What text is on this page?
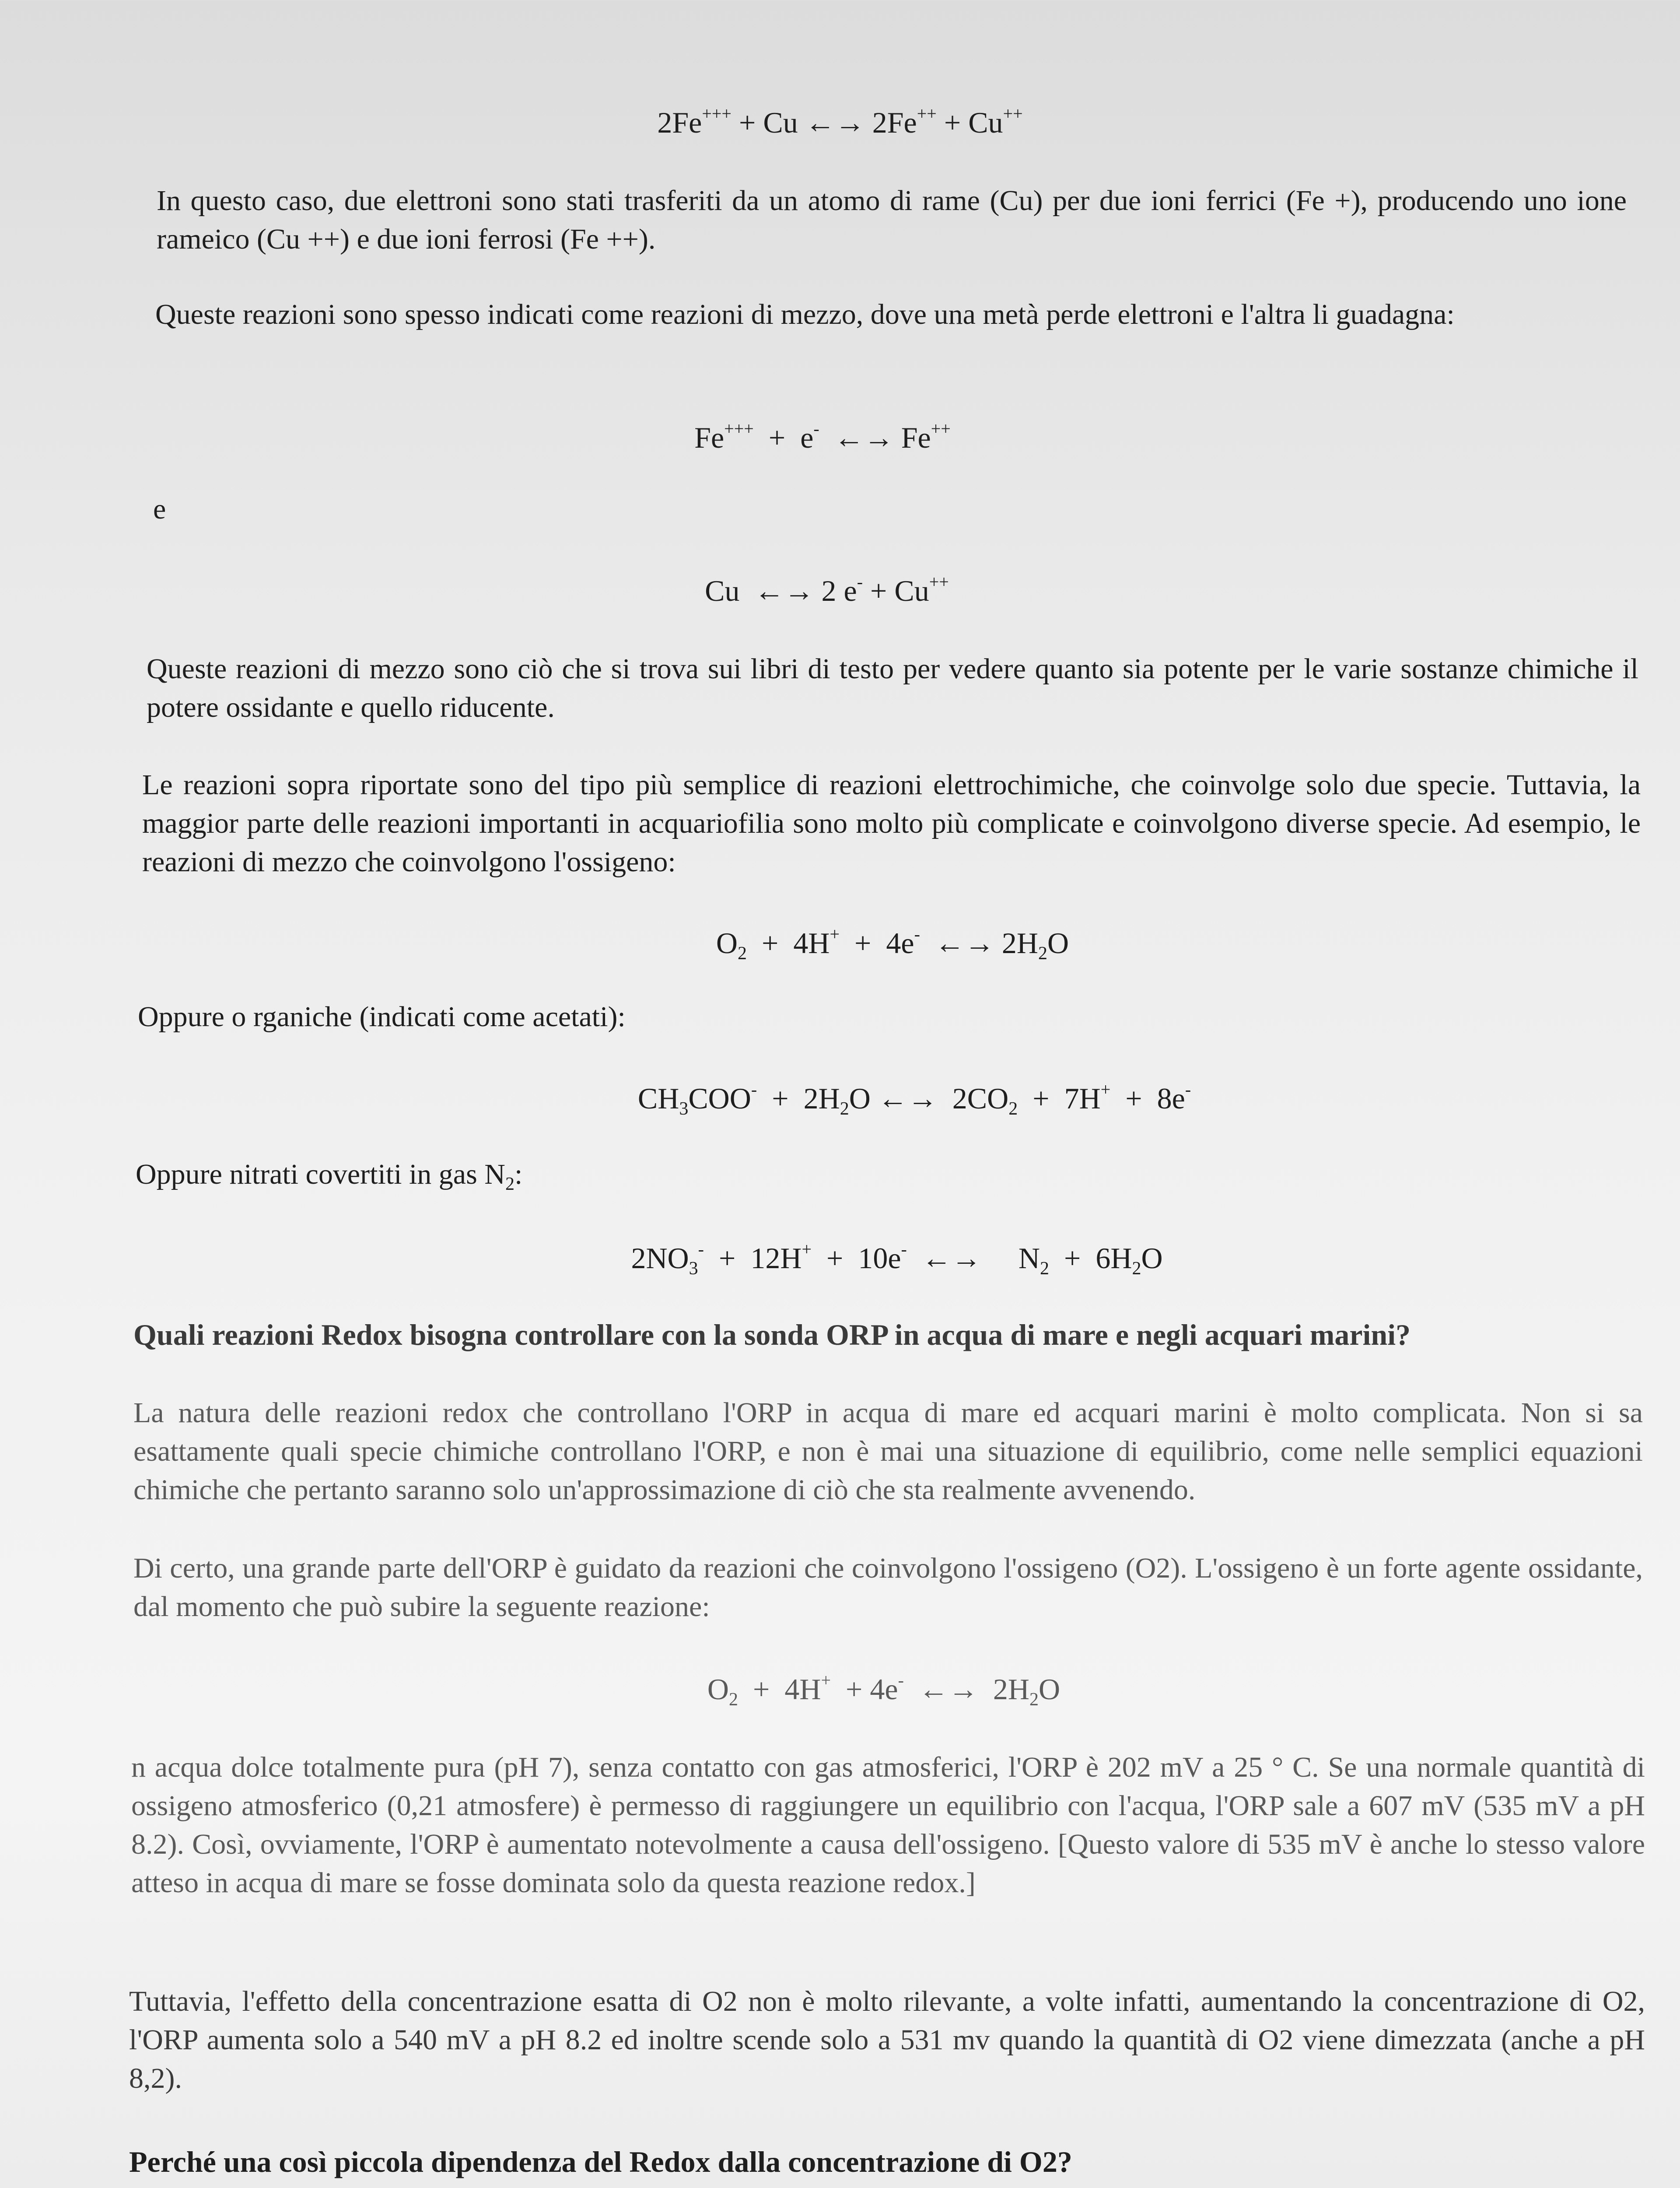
2Fe+++ + Cu ←→ 2Fe++ + Cu++

In questo caso, due elettroni sono stati trasferiti da un atomo di rame (Cu) per due ioni ferrici (Fe +), producendo uno ione rameico (Cu ++) e due ioni ferrosi (Fe ++).

Queste reazioni sono spesso indicati come reazioni di mezzo, dove una metà perde elettroni e l'altra li guadagna:

Fe+++  +  e-  ←→ Fe++

e

Cu  ←→ 2 e- + Cu++

Queste reazioni di mezzo sono ciò che si trova sui libri di testo per vedere quanto sia potente per le varie sostanze chimiche il potere ossidante e quello riducente.

Le reazioni sopra riportate sono del tipo più semplice di reazioni elettrochimiche, che coinvolge solo due specie. Tuttavia, la maggior parte delle reazioni importanti in acquariofilia sono molto più complicate e coinvolgono diverse specie. Ad esempio, le reazioni di mezzo che coinvolgono l'ossigeno:

$O_2 + 4H^+ + 4e^-$  ←→ $2H_2O$

Oppure o rganiche (indicati come acetati):

$CH_3COO^- + 2H_2O$ ←→  $2CO_2 + 7H^+ + 8e^-$

Oppure nitrati covertiti in gas $N_2$:

$2NO_3^- + 12H^+ + 10e^-$  ←→     $N_2 + 6H_2O$

Quali reazioni Redox bisogna controllare con la sonda ORP in acqua di mare e negli acquari marini?

La natura delle reazioni redox che controllano l'ORP in acqua di mare ed acquari marini è molto complicata. Non si sa esattamente quali specie chimiche controllano l'ORP, e non è mai una situazione di equilibrio, come nelle semplici equazioni chimiche che pertanto saranno solo un'approssimazione di ciò che sta realmente avvenendo.

Di certo, una grande parte dell'ORP è guidato da reazioni che coinvolgono l'ossigeno (O2). L'ossigeno è un forte agente ossidante, dal momento che può subire la seguente reazione:

$O_2 + 4H^+ + 4e^-$  ←→  $2H_2O$

n acqua dolce totalmente pura (pH 7), senza contatto con gas atmosferici, l'ORP è 202 mV a 25 ° C. Se una normale quantità di ossigeno atmosferico (0,21 atmosfere) è permesso di raggiungere un equilibrio con l'acqua, l'ORP sale a 607 mV (535 mV a pH 8.2). Così, ovviamente, l'ORP è aumentato notevolmente a causa dell'ossigeno. [Questo valore di 535 mV è anche lo stesso valore atteso in acqua di mare se fosse dominata solo da questa reazione redox.]

Tuttavia, l'effetto della concentrazione esatta di O2 non è molto rilevante, a volte infatti, aumentando la concentrazione di O2, l'ORP aumenta solo a 540 mV a pH 8.2 ed inoltre scende solo a 531 mv quando la quantità di O2 viene dimezzata (anche a pH 8,2).

Perché una così piccola dipendenza del Redox dalla concentrazione di O2?
